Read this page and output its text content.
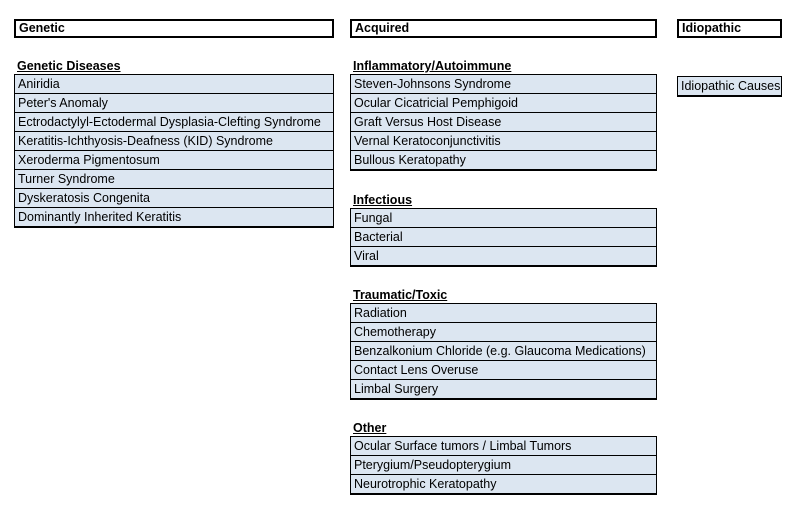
Genetic
Genetic Diseases
Aniridia
Peter's Anomaly
Ectrodactylyl-Ectodermal Dysplasia-Clefting Syndrome
Keratitis-Ichthyosis-Deafness (KID) Syndrome
Xeroderma Pigmentosum
Turner Syndrome
Dyskeratosis Congenita
Dominantly Inherited Keratitis
Acquired
Inflammatory/Autoimmune
Steven-Johnsons Syndrome
Ocular Cicatricial Pemphigoid
Graft Versus Host Disease
Vernal Keratoconjunctivitis
Bullous Keratopathy
Infectious
Fungal
Bacterial
Viral
Traumatic/Toxic
Radiation
Chemotherapy
Benzalkonium Chloride (e.g. Glaucoma Medications)
Contact Lens Overuse
Limbal Surgery
Other
Ocular Surface tumors / Limbal Tumors
Pterygium/Pseudopterygium
Neurotrophic Keratopathy
Idiopathic
Idiopathic Causes
